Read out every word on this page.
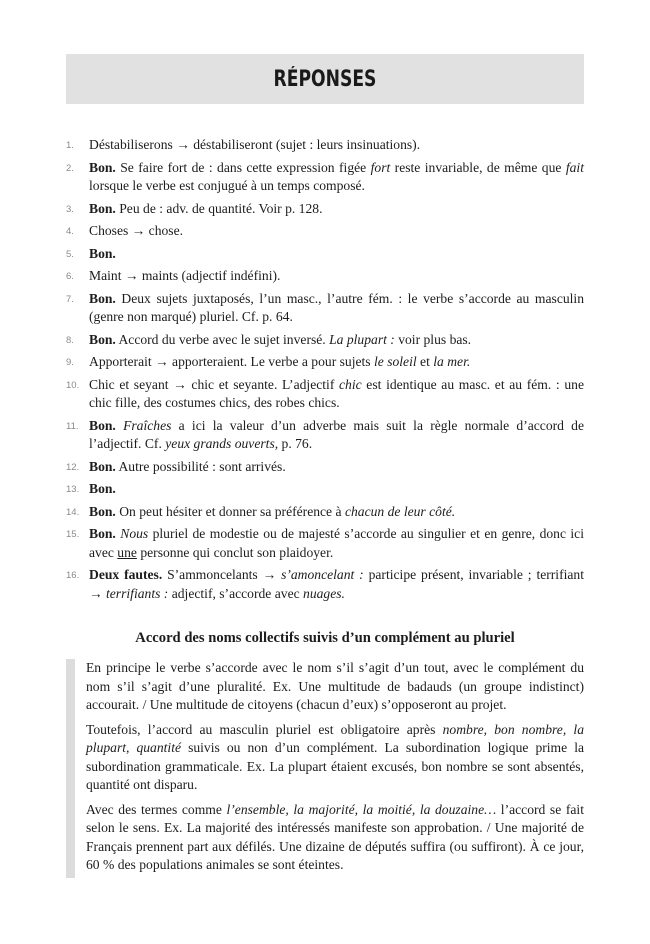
RÉPONSES
1. Déstabiliserons → déstabiliseront (sujet : leurs insinuations).
2. Bon. Se faire fort de : dans cette expression figée fort reste invariable, de même que fait lorsque le verbe est conjugué à un temps composé.
3. Bon. Peu de : adv. de quantité. Voir p. 128.
4. Choses → chose.
5. Bon.
6. Maint → maints (adjectif indéfini).
7. Bon. Deux sujets juxtaposés, l’un masc., l’autre fém. : le verbe s’accorde au masculin (genre non marqué) pluriel. Cf. p. 64.
8. Bon. Accord du verbe avec le sujet inversé. La plupart : voir plus bas.
9. Apporterait → apporteraient. Le verbe a pour sujets le soleil et la mer.
10. Chic et seyant → chic et seyante. L’adjectif chic est identique au masc. et au fém. : une chic fille, des costumes chics, des robes chics.
11. Bon. Fraîches a ici la valeur d’un adverbe mais suit la règle normale d’accord de l’adjectif. Cf. yeux grands ouverts, p. 76.
12. Bon. Autre possibilité : sont arrivés.
13. Bon.
14. Bon. On peut hésiter et donner sa préférence à chacun de leur côté.
15. Bon. Nous pluriel de modestie ou de majesté s’accorde au singulier et en genre, donc ici avec une personne qui conclut son plaidoyer.
16. Deux fautes. S’ammoncelants → s’amoncelant : participe présent, invariable ; terrifiant → terrifiants : adjectif, s’accorde avec nuages.
Accord des noms collectifs suivis d’un complément au pluriel

En principe le verbe s’accorde avec le nom s’il s’agit d’un tout, avec le complément du nom s’il s’agit d’une pluralité. Ex. Une multitude de badauds (un groupe indistinct) accourait. / Une multitude de citoyens (chacun d’eux) s’opposeront au projet.

Toutefois, l’accord au masculin pluriel est obligatoire après nombre, bon nombre, la plupart, quantité suivis ou non d’un complément. La subordination logique prime la subordination grammaticale. Ex. La plupart étaient excusés, bon nombre se sont absentés, quantité ont disparu.

Avec des termes comme l’ensemble, la majorité, la moitié, la douzaine… l’accord se fait selon le sens. Ex. La majorité des intéressés manifeste son approbation. / Une majorité de Français prennent part aux défilés. Une dizaine de députés suffira (ou suffiront). À ce jour, 60 % des populations animales se sont éteintes.
